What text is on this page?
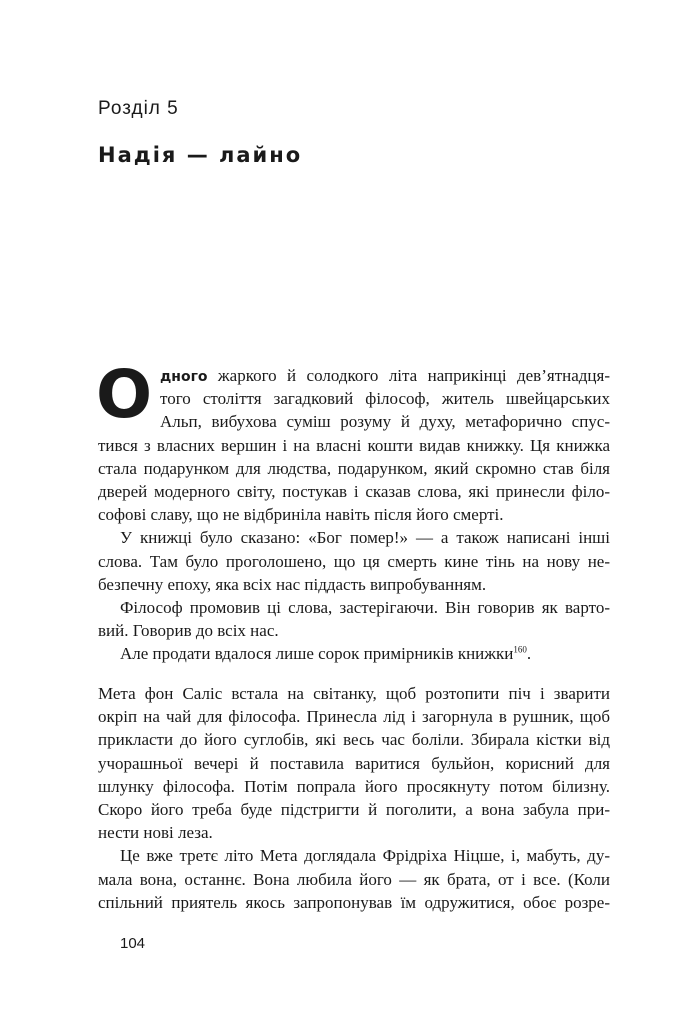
Розділ 5
Надія — лайно
О дного жаркого й солодкого літа наприкінці дев’ятнадця-
того століття загадковий філософ, житель швейцарських
Альп, вибухова суміш розуму й духу, метафорично спус-
тився з власних вершин і на власні кошти видав книжку. Ця книжка
стала подарунком для людства, подарунком, який скромно став біля
дверей модерного світу, постукав і сказав слова, які принесли філо-
софові славу, що не відбриніла навіть після його смерті.
У книжці було сказано: «Бог помер!» — а також написані інші
слова. Там було проголошено, що ця смерть кине тінь на нову не-
безпечну епоху, яка всіх нас піддасть випробуванням.
Філософ промовив ці слова, застерігаючи. Він говорив як варто-
вий. Говорив до всіх нас.
Але продати вдалося лише сорок примірників книжки$^{160}$.
Мета фон Саліс встала на світанку, щоб розтопити піч і зварити
окріп на чай для філософа. Принесла лід і загорнула в рушник, щоб
прикласти до його суглобів, які весь час боліли. Збирала кістки від
учорашньої вечері й поставила варитися бульйон, корисний для
шлунку філософа. Потім попрала його просякнуту потом білизну.
Скоро його треба буде підстригти й поголити, а вона забула при-
нести нові леза.
Це вже третє літо Мета доглядала Фрідріха Ніцше, і, мабуть, ду-
мала вона, останнє. Вона любила його — як брата, от і все. (Коли
спільний приятель якось запропонував їм одружитися, обоє розре-

104
